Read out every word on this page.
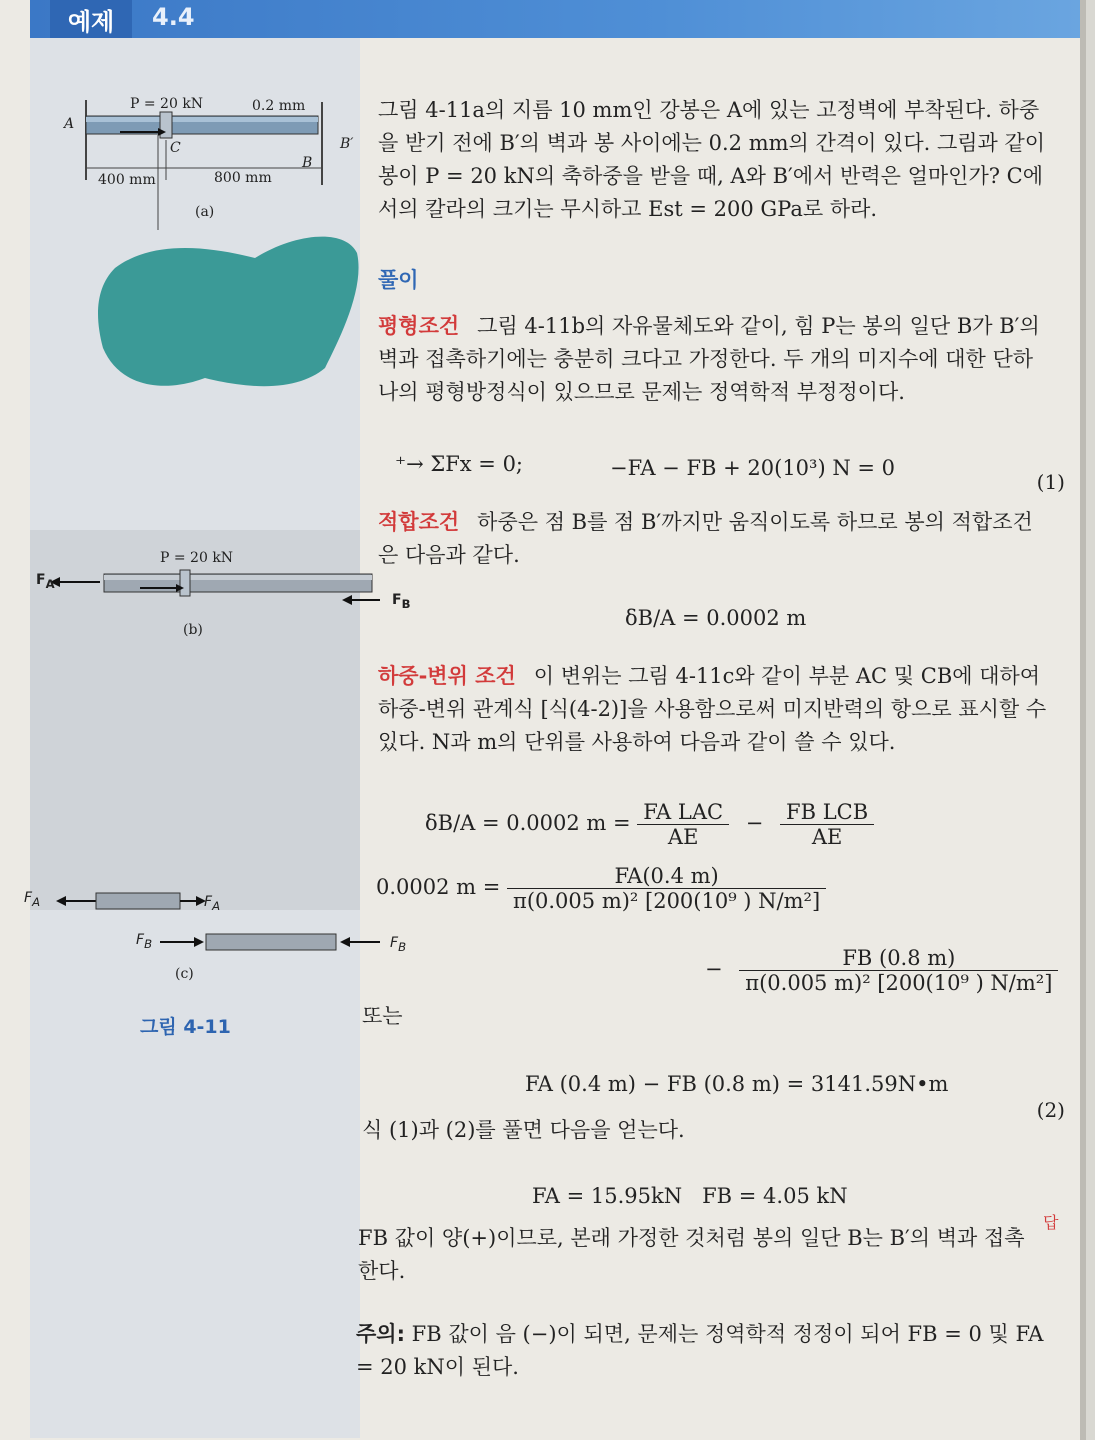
예제	4.4
P = 20 kN	0.2 mm
A
C
B
B′
400 mm	800 mm
(a)
P = 20 kN
$F_A$
$F_B$
(b)
$F_A$	$F_A$
$F_B$	$F_B$
(c)
그림 4-11
그림 4-11a의 지름 10 mm인 강봉은 A에 있는 고정벽에 부착된다. 하중
을 받기 전에 B′의 벽과 봉 사이에는 0.2 mm의 간격이 있다. 그림과 같이
봉이 P = 20 kN의 축하중을 받을 때, A와 B′에서 반력은 얼마인가? C에
서의 칼라의 크기는 무시하고 Est = 200 GPa로 하라.
풀이
평형조건 그림 4-11b의 자유물체도와 같이, 힘 P는 봉의 일단 B가 B′의
벽과 접촉하기에는 충분히 크다고 가정한다. 두 개의 미지수에 대한 단하
나의 평형방정식이 있으므로 문제는 정역학적 부정정이다.
⁺→ ΣFx = 0;	−FA − FB + 20(10³) N = 0
(1)
적합조건 하중은 점 B를 점 B′까지만 움직이도록 하므로 봉의 적합조건
은 다음과 같다.
δB/A = 0.0002 m
하중-변위 조건 이 변위는 그림 4-11c와 같이 부분 AC 및 CB에 대하여
하중-변위 관계식 [식(4-2)]을 사용함으로써 미지반력의 항으로 표시할 수
있다. N과 m의 단위를 사용하여 다음과 같이 쓸 수 있다.
δB/A = 0.0002 $m = \frac{\text{FA LAC}}{AE} - \frac{\text{FB LCB}}{AE}$
0.0002 $m = \frac{FA(0.4 m)}{\text{π(0.005 m)² [200(10⁹ ) N/m²]}}$
− $\frac{FB (0.8 m)}{\text{π(0.005 m)² [200(10⁹ ) N/m²]}}$
또는
FA (0.4 m) − FB (0.8 m) = 3141.59N•m
(2)
식 (1)과 (2)를 풀면 다음을 얻는다.
FA = 15.95kN   FB = 4.05 kN
답
FB 값이 양(+)이므로, 본래 가정한 것처럼 봉의 일단 B는 B′의 벽과 접촉
한다.
주의: FB 값이 음 (−)이 되면, 문제는 정역학적 정정이 되어 FB = 0 및 FA
= 20 kN이 된다.
